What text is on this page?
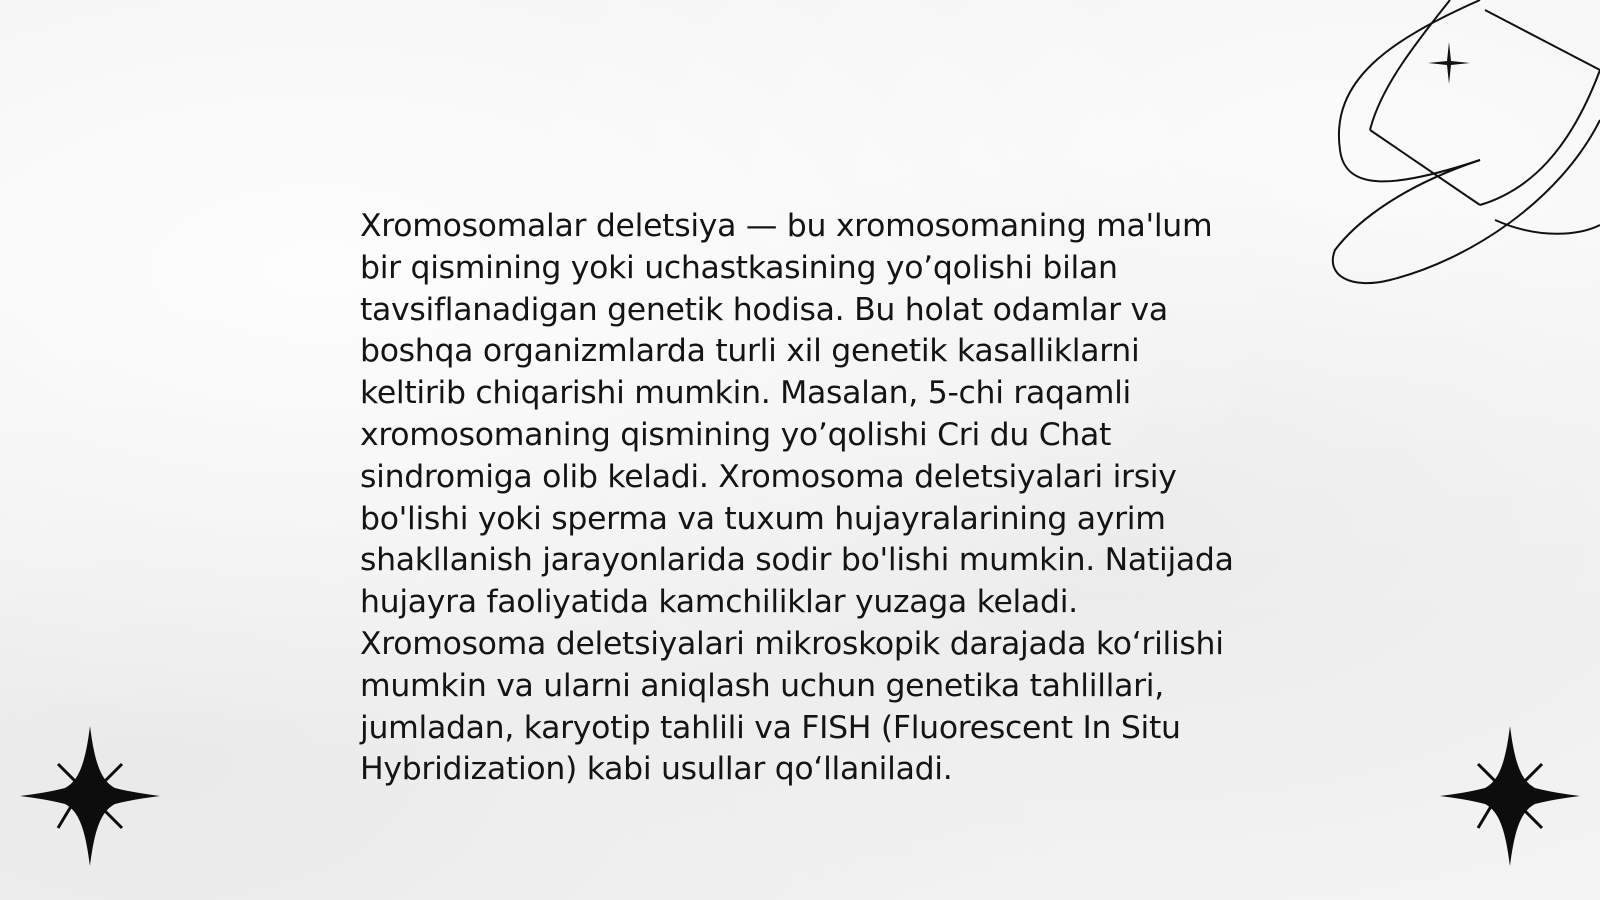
Xromosomalar deletsiya — bu xromosomaning ma'lum bir qismining yoki uchastkasining yo’qolishi bilan tavsiflanadigan genetik hodisa. Bu holat odamlar va boshqa organizmlarda turli xil genetik kasalliklarni keltirib chiqarishi mumkin. Masalan, 5-chi raqamli xromosomaning qismining yo’qolishi Cri du Chat sindromiga olib keladi. Xromosoma deletsiyalari irsiy bo'lishi yoki sperma va tuxum hujayralarining ayrim shakllanish jarayonlarida sodir bo'lishi mumkin. Natijada hujayra faoliyatida kamchiliklar yuzaga keladi. Xromosoma deletsiyalari mikroskopik darajada ko‘rilishi mumkin va ularni aniqlash uchun genetika tahlillari, jumladan, karyotip tahlili va FISH (Fluorescent In Situ Hybridization) kabi usullar qo‘llaniladi.
